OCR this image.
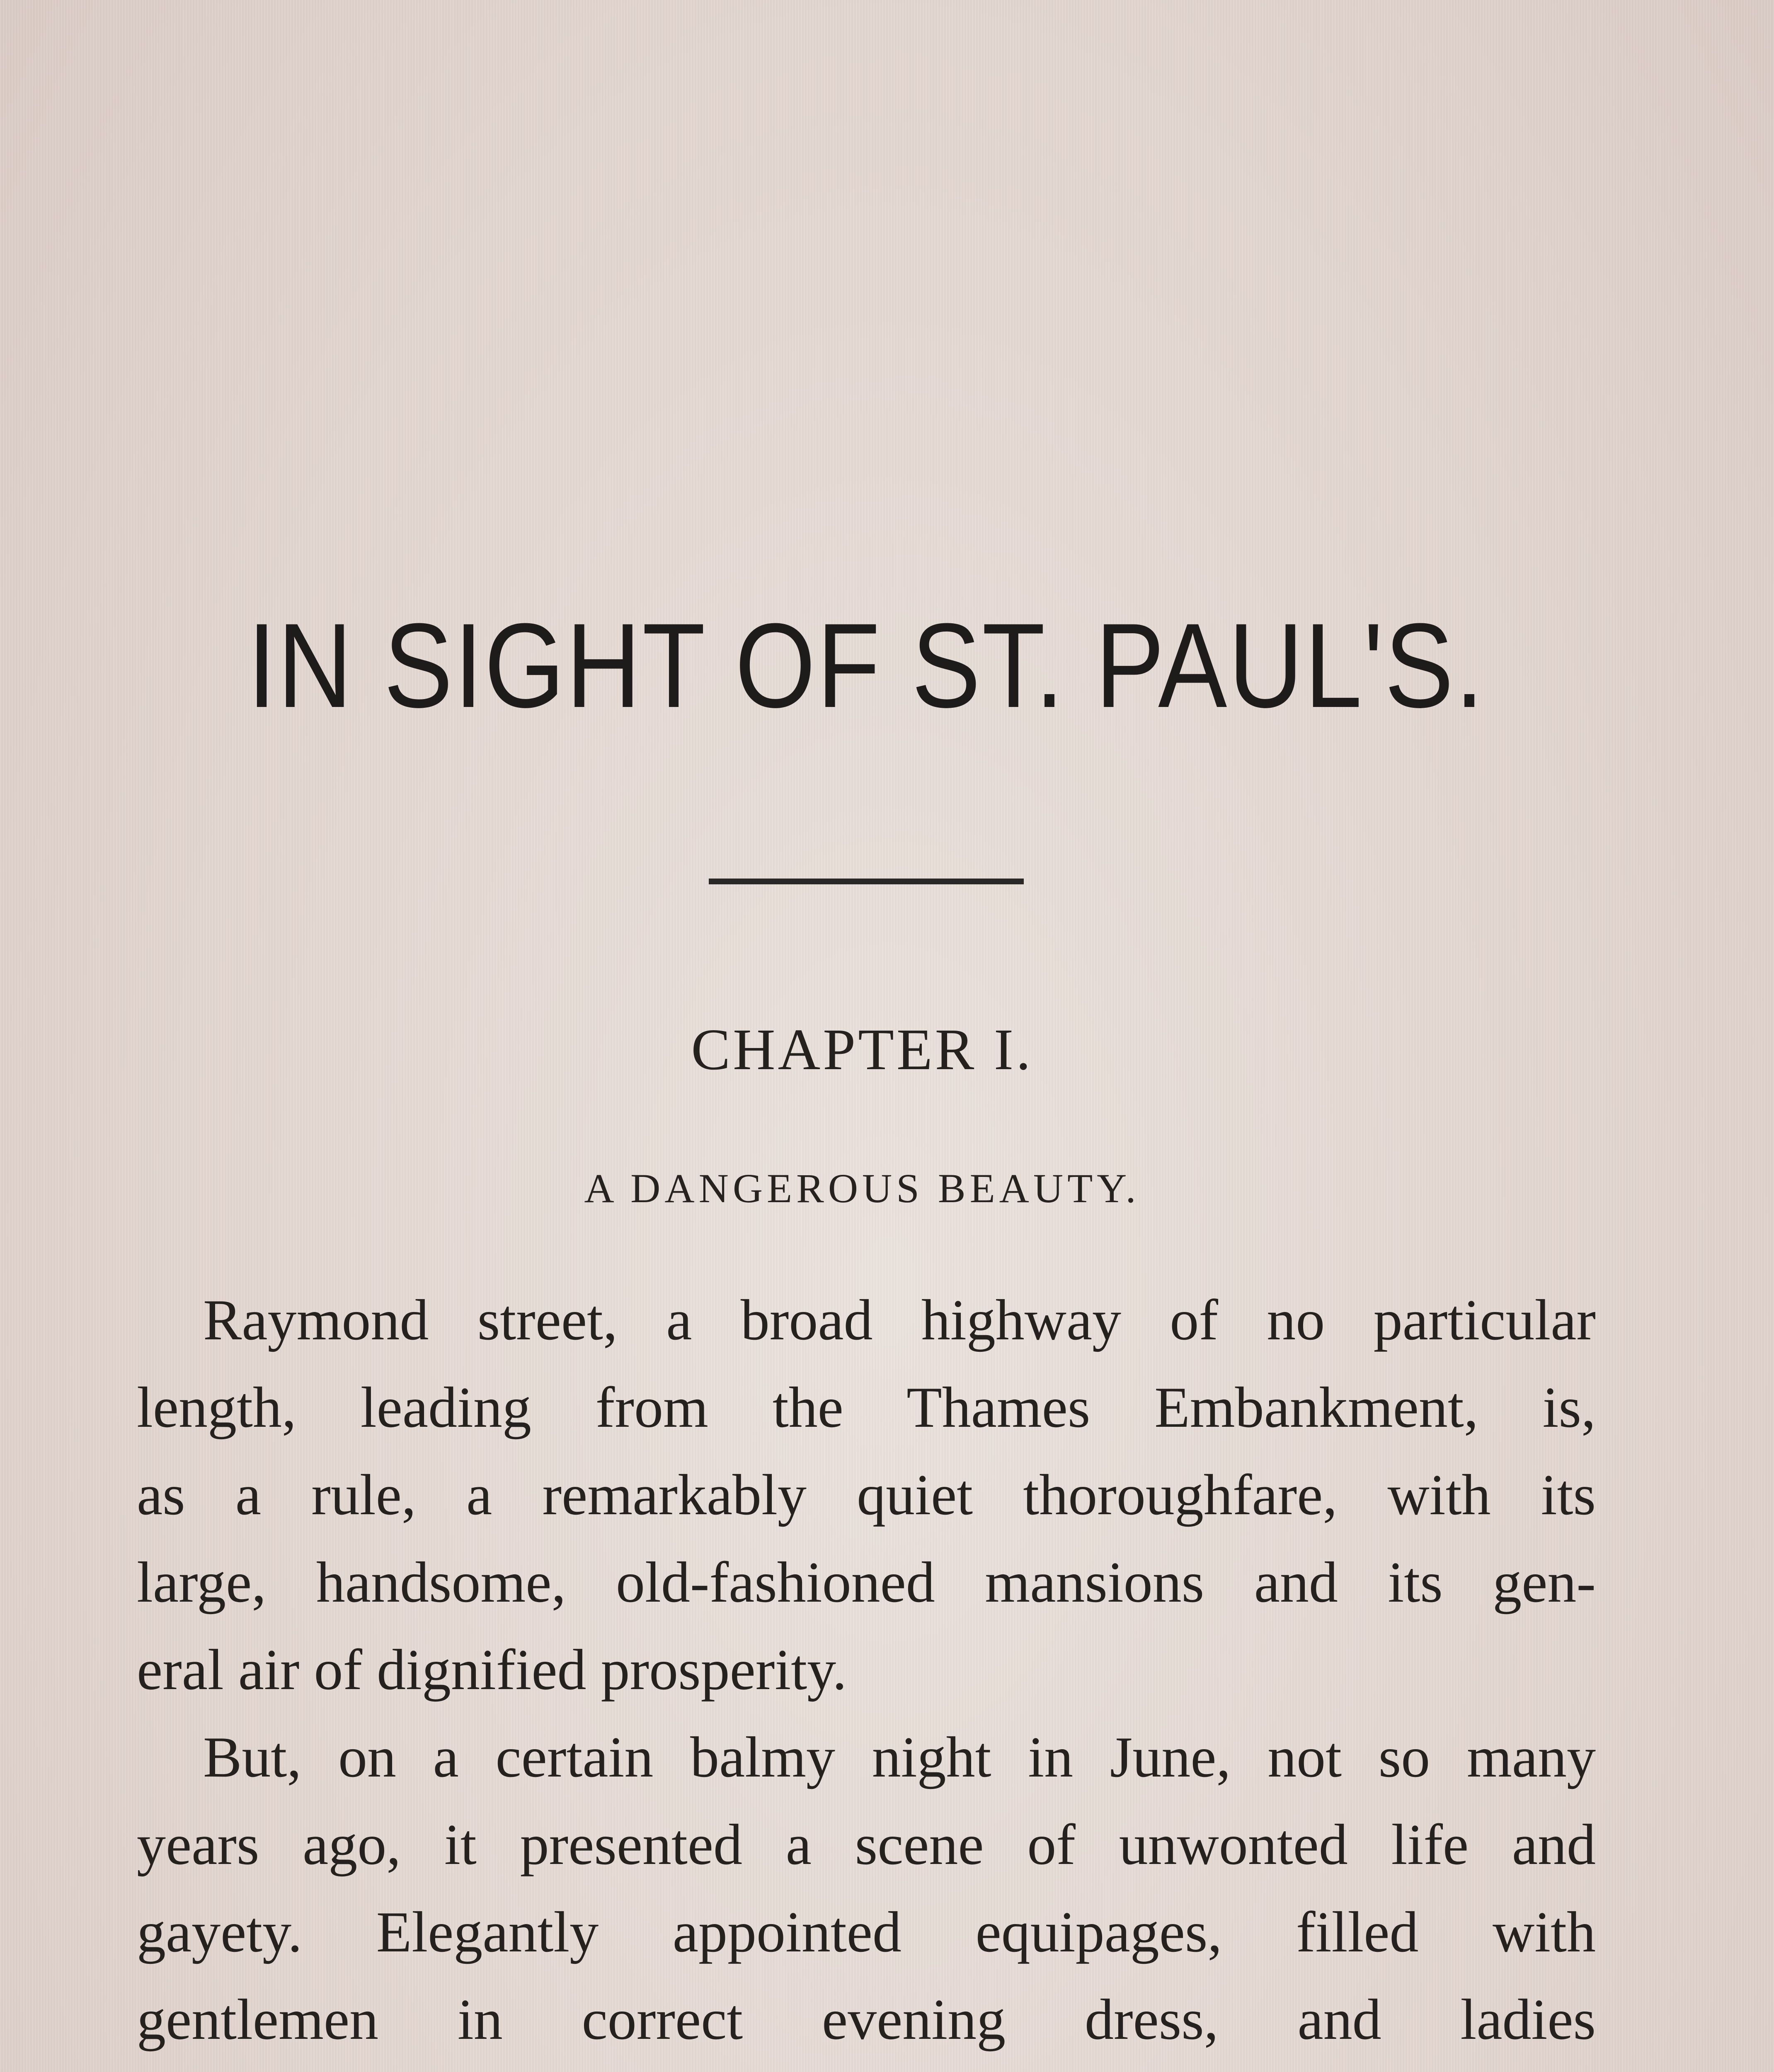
IN SIGHT OF ST. PAUL'S.
CHAPTER I.
A DANGEROUS BEAUTY.
Raymond street, a broad highway of no particular
length, leading from the Thames Embankment, is,
as a rule, a remarkably quiet thoroughfare, with its
large, handsome, old-fashioned mansions and its gen-
eral air of dignified prosperity.
But, on a certain balmy night in June, not so many
years ago, it presented a scene of unwonted life and
gayety. Elegantly appointed equipages, filled with
gentlemen in correct evening dress, and ladies
